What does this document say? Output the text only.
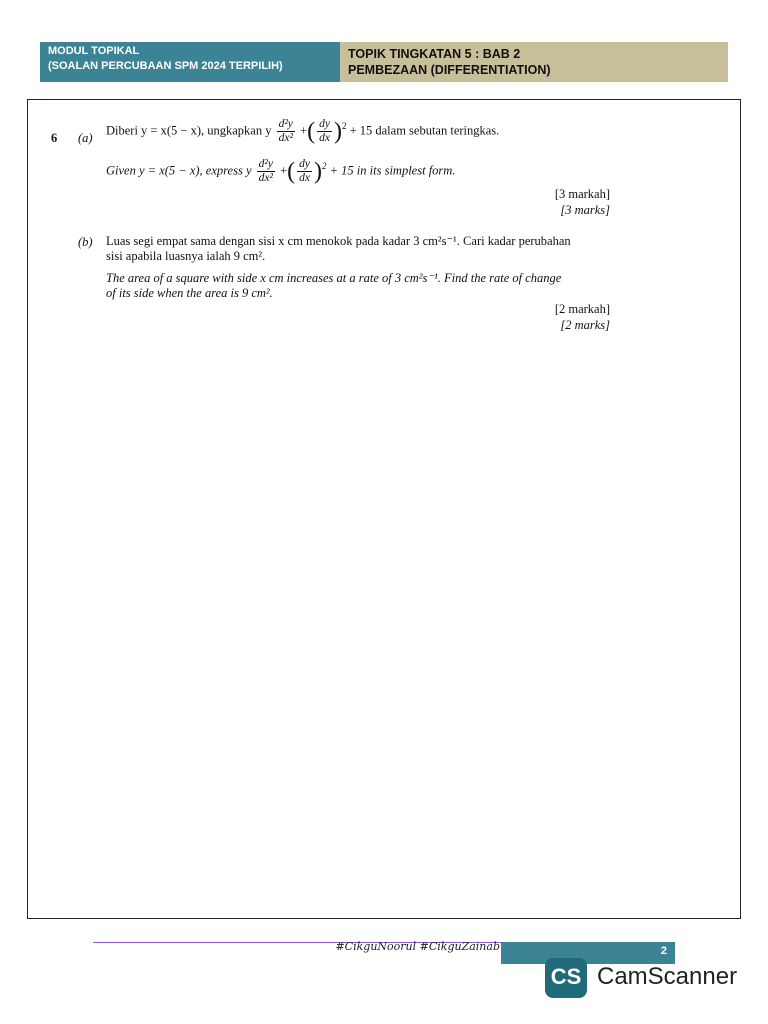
MODUL TOPIKAL
(SOALAN PERCUBAAN SPM 2024 TERPILIH)
TOPIK TINGKATAN 5 : BAB 2
PEMBEZAAN (DIFFERENTIATION)
6 (a)
Diberi y = x(5 − x), ungkapkan y $\frac{\text{d²y}}{\text{dx²}}$ +( $\frac{dy}{dx} )^2 + 15$ dalam sebutan teringkas.
Given y = x(5 − x), express y $\frac{\text{d²y}}{\text{dx²}}$ +( $\frac{dy}{dx} )^2 + 15$ in its simplest form.
[3 markah]
[3 marks]
(b) Luas segi empat sama dengan sisi x cm menokok pada kadar 3 cm²s⁻¹. Cari kadar perubahan
sisi apabila luasnya ialah 9 cm².
The area of a square with side x cm increases at a rate of 3 cm²s⁻¹. Find the rate of change
of its side when the area is 9 cm².
[2 markah]
[2 marks]
#CikguNoorul #CikguZainab	2
CS CamScanner
